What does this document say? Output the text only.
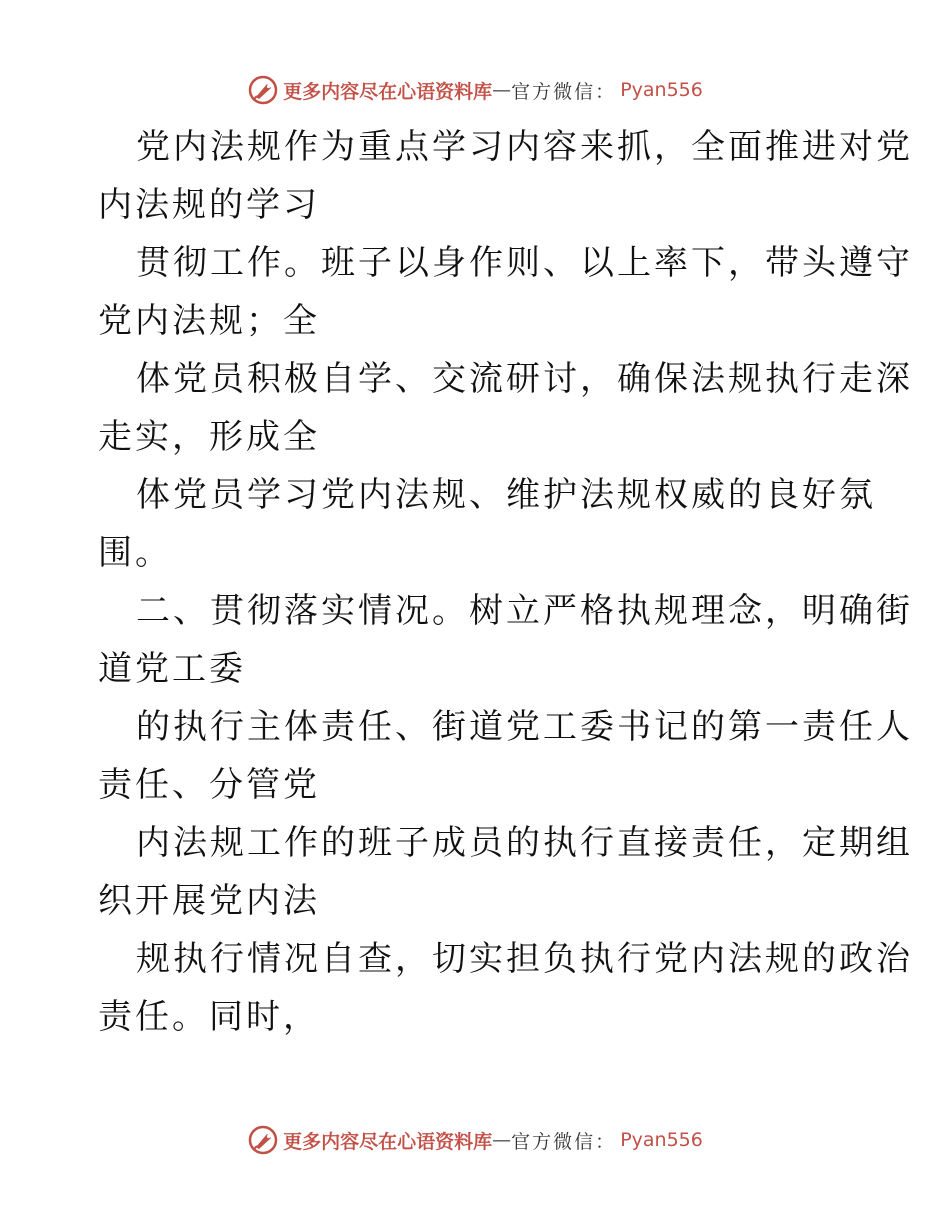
更多内容尽在心语资料库 — 官方微信： Pyan556
党内法规作为重点学习内容来抓，全面推进对党
内法规的学习
贯彻工作。班子以身作则、以上率下，带头遵守
党内法规；全
体党员积极自学、交流研讨，确保法规执行走深
走实，形成全
体党员学习党内法规、维护法规权威的良好氛
围。
二、贯彻落实情况。树立严格执规理念，明确街
道党工委
的执行主体责任、街道党工委书记的第一责任人
责任、分管党
内法规工作的班子成员的执行直接责任，定期组
织开展党内法
规执行情况自查，切实担负执行党内法规的政治
责任。同时，
更多内容尽在心语资料库 — 官方微信： Pyan556
